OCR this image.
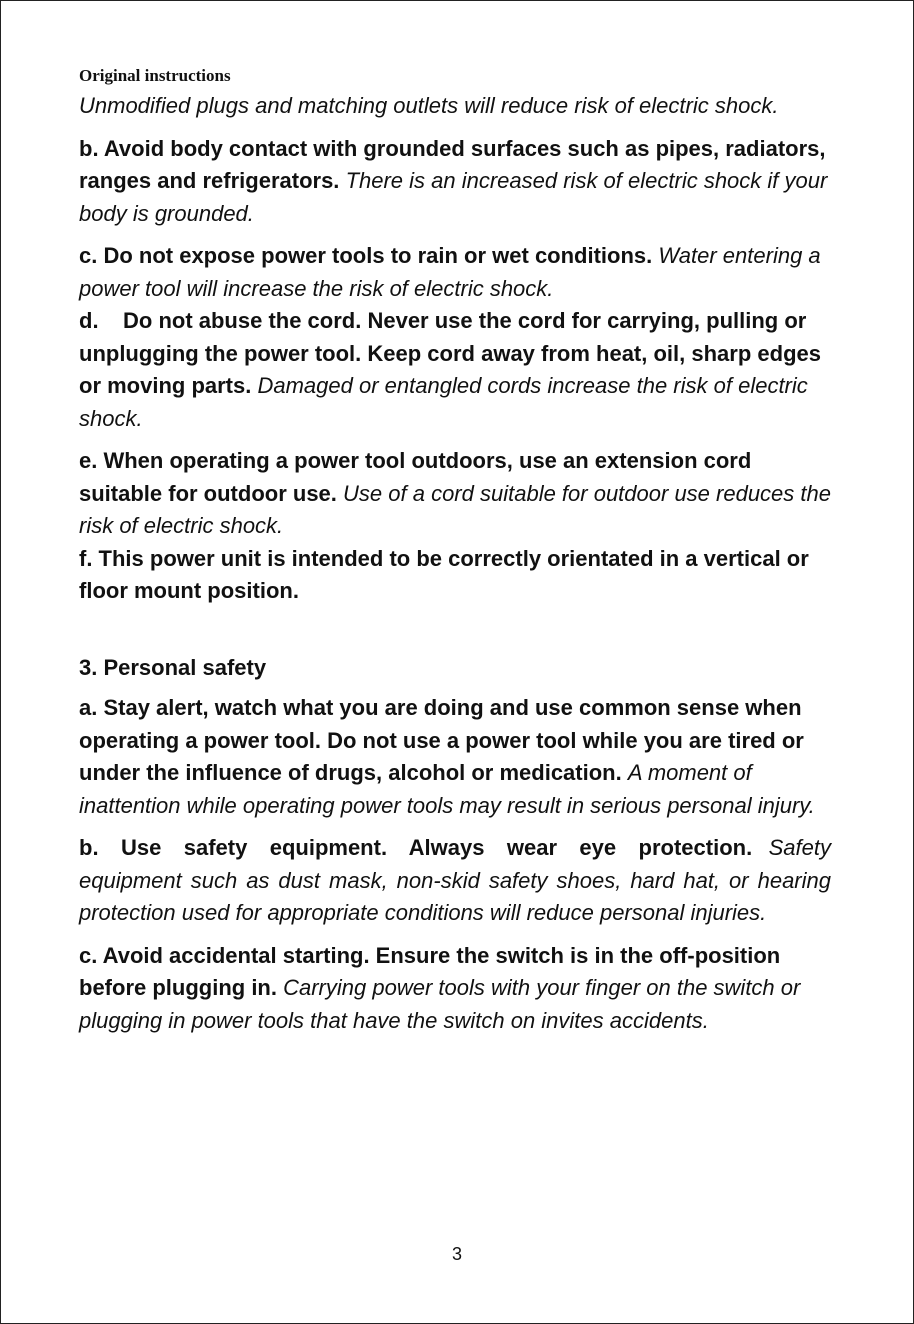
Original instructions

Unmodified plugs and matching outlets will reduce risk of electric shock.

b. Avoid body contact with grounded surfaces such as pipes, radiators, ranges and refrigerators. There is an increased risk of electric shock if your body is grounded.

c. Do not expose power tools to rain or wet conditions. Water entering a power tool will increase the risk of electric shock.

d.    Do not abuse the cord. Never use the cord for carrying, pulling or unplugging the power tool. Keep cord away from heat, oil, sharp edges or moving parts. Damaged or entangled cords increase the risk of electric shock.

e. When operating a power tool outdoors, use an extension cord suitable for outdoor use. Use of a cord suitable for outdoor use reduces the risk of electric shock.

f. This power unit is intended to be correctly orientated in a vertical or floor mount position.

3. Personal safety

a. Stay alert, watch what you are doing and use common sense when operating a power tool. Do not use a power tool while you are tired or under the influence of drugs, alcohol or medication. A moment of inattention while operating power tools may result in serious personal injury.

b. Use safety equipment. Always wear eye protection. Safety equipment such as dust mask, non-skid safety shoes, hard hat, or hearing protection used for appropriate conditions will reduce personal injuries.

c. Avoid accidental starting. Ensure the switch is in the off-position before plugging in. Carrying power tools with your finger on the switch or plugging in power tools that have the switch on invites accidents.

3
